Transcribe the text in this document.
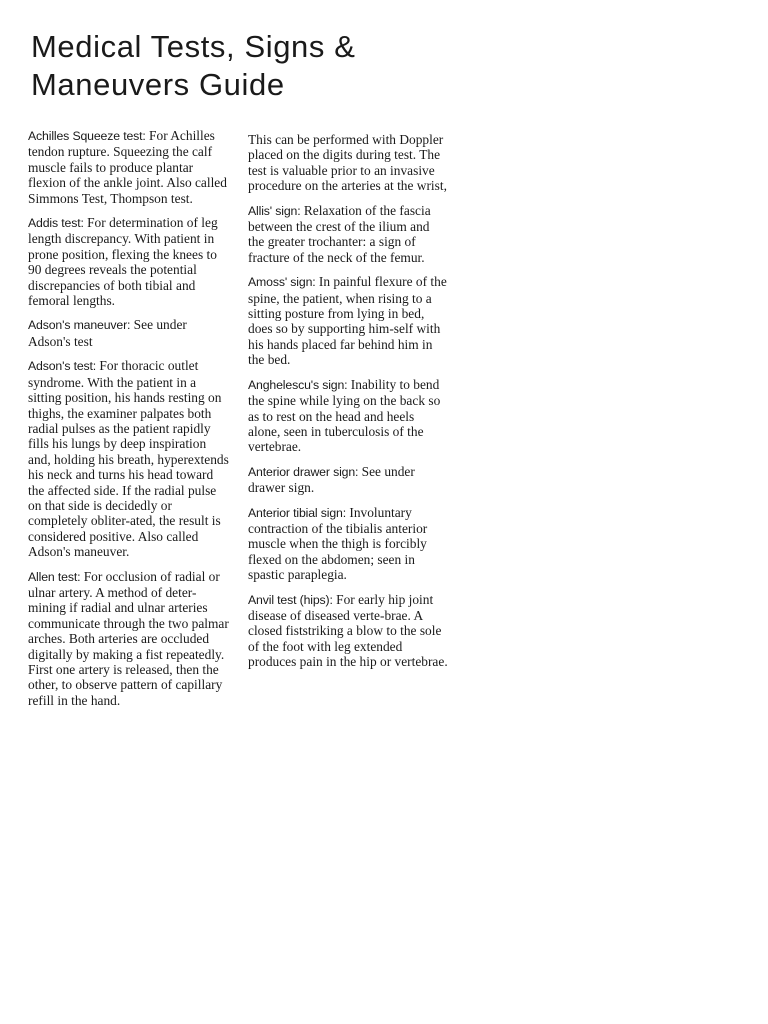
Medical Tests, Signs &
Maneuvers Guide

Achilles Squeeze test: For Achilles tendon rupture. Squeezing the calf muscle fails to produce plantar flexion of the ankle joint. Also called Simmons Test, Thompson test.

Addis test: For determination of leg length discrepancy. With patient in prone position, flexing the knees to 90 degrees reveals the potential discrepancies of both tibial and femoral lengths.

Adson's maneuver: See under Adson's test

Adson's test: For thoracic outlet syndrome. With the patient in a sitting position, his hands resting on thighs, the examiner palpates both radial pulses as the patient rapidly fills his lungs by deep inspiration and, holding his breath, hyperextends his neck and turns his head toward the affected side. If the radial pulse on that side is decidedly or completely obliter-ated, the result is considered positive. Also called Adson's maneuver.

Allen test: For occlusion of radial or ulnar artery. A method of deter-mining if radial and ulnar arteries communicate through the two palmar arches. Both arteries are occluded digitally by making a fist repeatedly. First one artery is released, then the other, to observe pattern of capillary refill in the hand.

This can be performed with Doppler placed on the digits during test. The test is valuable prior to an invasive procedure on the arteries at the wrist,

Allis' sign: Relaxation of the fascia between the crest of the ilium and the greater trochanter: a sign of fracture of the neck of the femur.

Amoss' sign: In painful flexure of the spine, the patient, when rising to a sitting posture from lying in bed, does so by supporting him-self with his hands placed far behind him in the bed.

Anghelescu's sign: Inability to bend the spine while lying on the back so as to rest on the head and heels alone, seen in tuberculosis of the vertebrae.

Anterior drawer sign: See under drawer sign.

Anterior tibial sign: Involuntary contraction of the tibialis anterior muscle when the thigh is forcibly flexed on the abdomen; seen in spastic paraplegia.

Anvil test (hips): For early hip joint disease of diseased verte-brae. A closed fiststriking a blow to the sole of the foot with leg extended produces pain in the hip or vertebrae.
